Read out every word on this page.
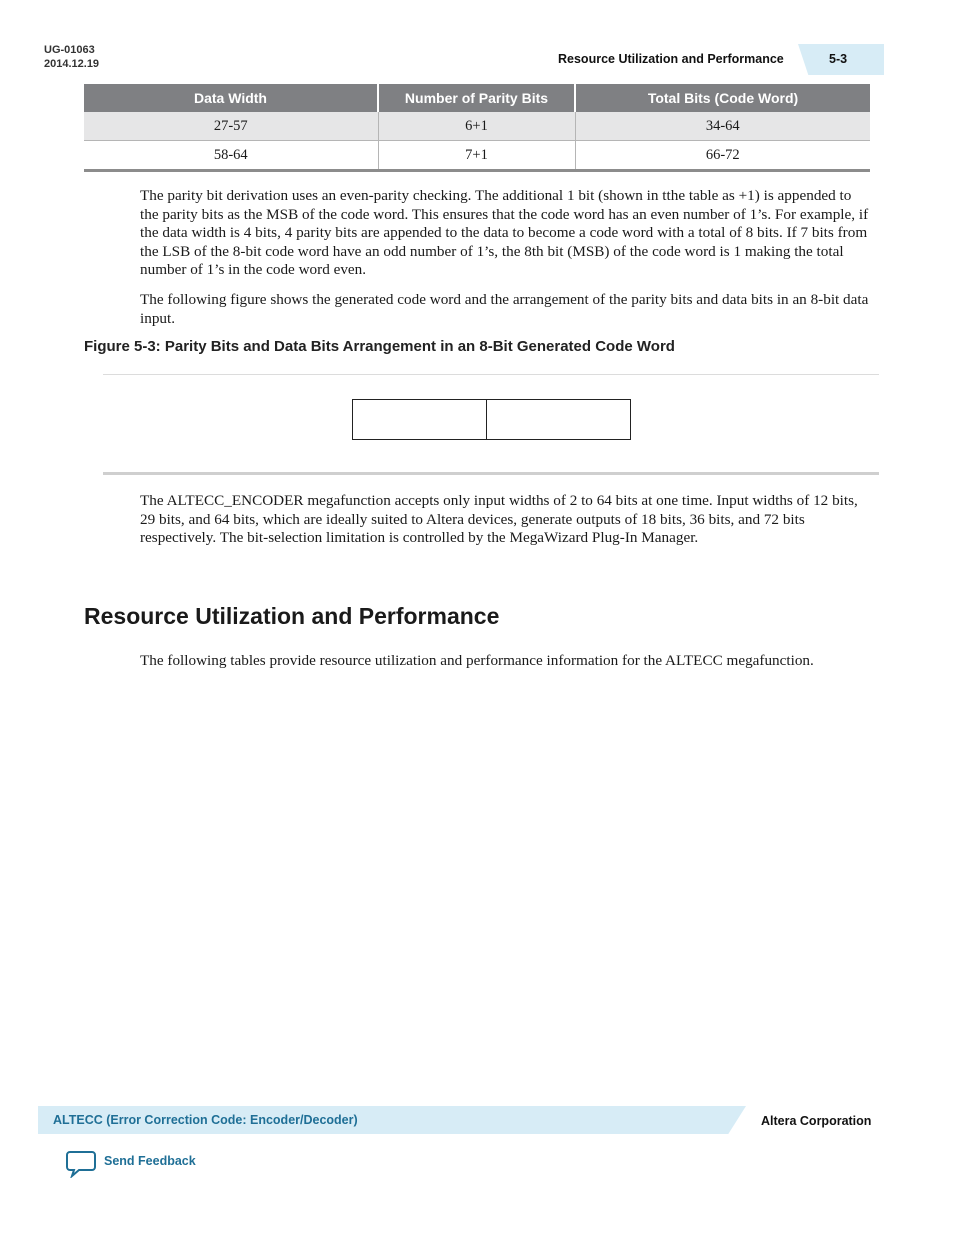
UG-01063
2014.12.19	Resource Utilization and Performance	5-3
Data Width	Number of Parity Bits	Total Bits (Code Word)
27-57	6+1	34-64
58-64	7+1	66-72

The parity bit derivation uses an even-parity checking. The additional 1 bit (shown in tthe table as +1) is appended to the parity bits as the MSB of the code word. This ensures that the code word has an even number of 1’s. For example, if the data width is 4 bits, 4 parity bits are appended to the data to become a code word with a total of 8 bits. If 7 bits from the LSB of the 8-bit code word have an odd number of 1’s, the 8th bit (MSB) of the code word is 1 making the total number of 1’s in the code word even.

The following figure shows the generated code word and the arrangement of the parity bits and data bits in an 8-bit data input.

Figure 5-3: Parity Bits and Data Bits Arrangement in an 8-Bit Generated Code Word

The ALTECC_ENCODER megafunction accepts only input widths of 2 to 64 bits at one time. Input widths of 12 bits, 29 bits, and 64 bits, which are ideally suited to Altera devices, generate outputs of 18 bits, 36 bits, and 72 bits respectively. The bit-selection limitation is controlled by the MegaWizard Plug-In Manager.

Resource Utilization and Performance

The following tables provide resource utilization and performance information for the ALTECC megafunction.

ALTECC (Error Correction Code: Encoder/Decoder)	Altera Corporation
Send Feedback
